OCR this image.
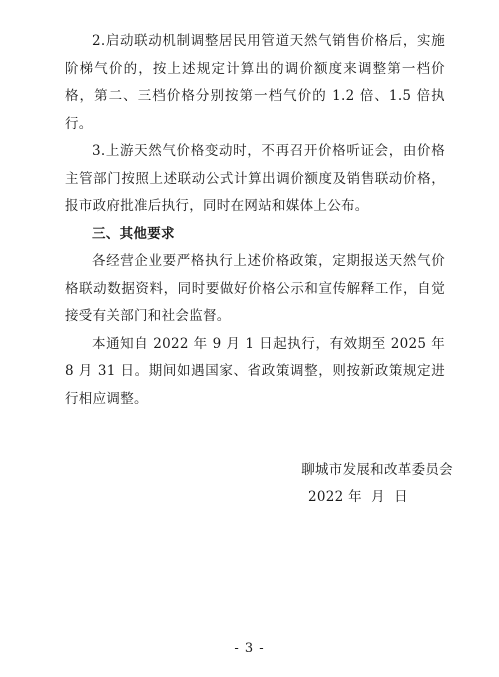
2.启动联动机制调整居民用管道天然气销售价格后，实施阶梯气价的，按上述规定计算出的调价额度来调整第一档价格，第二、三档价格分别按第一档气价的 1.2 倍、1.5 倍执行。

3.上游天然气价格变动时，不再召开价格听证会，由价格主管部门按照上述联动公式计算出调价额度及销售联动价格，报市政府批准后执行，同时在网站和媒体上公布。

三、其他要求

各经营企业要严格执行上述价格政策，定期报送天然气价格联动数据资料，同时要做好价格公示和宣传解释工作，自觉接受有关部门和社会监督。

本通知自 2022 年 9 月 1 日起执行，有效期至 2025 年 8 月 31 日。期间如遇国家、省政策调整，则按新政策规定进行相应调整。

聊城市发展和改革委员会
2022 年  月  日
- 3 -
